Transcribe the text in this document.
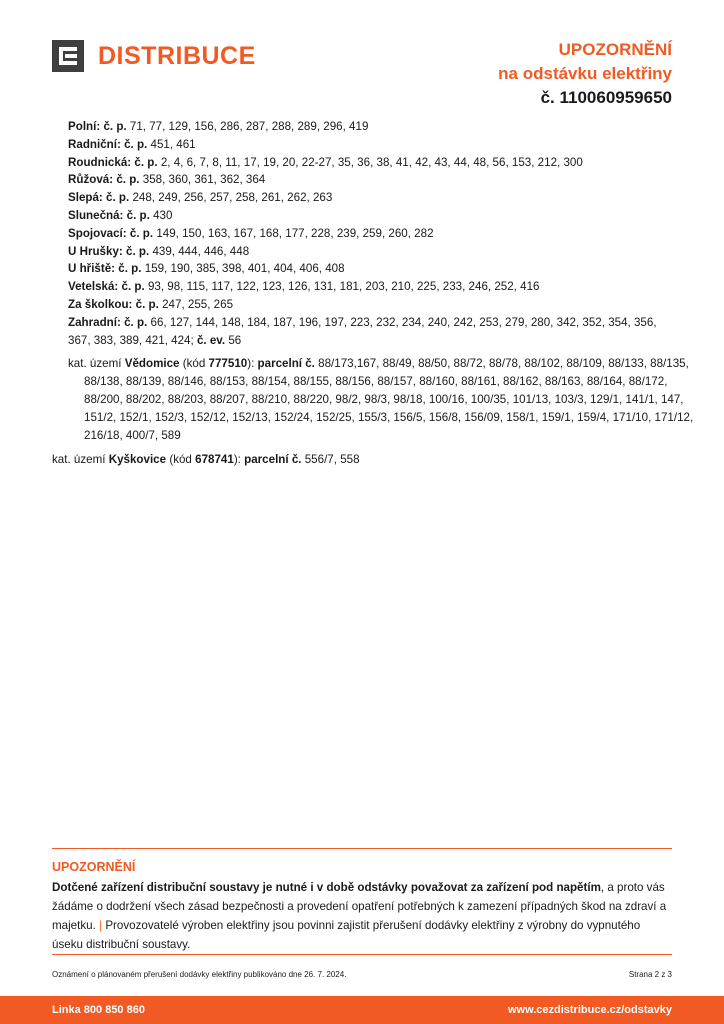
DISTRIBUCE	UPOZORNĚNÍ
na odstávku elektřiny
č. 110060959650
Polní: č. p. 71, 77, 129, 156, 286, 287, 288, 289, 296, 419
Radniční: č. p. 451, 461
Roudnická: č. p. 2, 4, 6, 7, 8, 11, 17, 19, 20, 22-27, 35, 36, 38, 41, 42, 43, 44, 48, 56, 153, 212, 300
Růžová: č. p. 358, 360, 361, 362, 364
Slepá: č. p. 248, 249, 256, 257, 258, 261, 262, 263
Slunečná: č. p. 430
Spojovací: č. p. 149, 150, 163, 167, 168, 177, 228, 239, 259, 260, 282
U Hrušky: č. p. 439, 444, 446, 448
U hřiště: č. p. 159, 190, 385, 398, 401, 404, 406, 408
Vetelská: č. p. 93, 98, 115, 117, 122, 123, 126, 131, 181, 203, 210, 225, 233, 246, 252, 416
Za školkou: č. p. 247, 255, 265
Zahradní: č. p. 66, 127, 144, 148, 184, 187, 196, 197, 223, 232, 234, 240, 242, 253, 279, 280, 342, 352, 354, 356, 367, 383, 389, 421, 424; č. ev. 56
kat. území Vědomice (kód 777510): parcelní č. 88/173,167, 88/49, 88/50, 88/72, 88/78, 88/102, 88/109, 88/133, 88/135, 88/138, 88/139, 88/146, 88/153, 88/154, 88/155, 88/156, 88/157, 88/160, 88/161, 88/162, 88/163, 88/164, 88/172, 88/200, 88/202, 88/203, 88/207, 88/210, 88/220, 98/2, 98/3, 98/18, 100/16, 100/35, 101/13, 103/3, 129/1, 141/1, 147, 151/2, 152/1, 152/3, 152/12, 152/13, 152/24, 152/25, 155/3, 156/5, 156/8, 156/09, 158/1, 159/1, 159/4, 171/10, 171/12, 216/18, 400/7, 589
kat. území Kyškovice (kód 678741): parcelní č. 556/7, 558
UPOZORNĚNÍ
Dotčené zařízení distribuční soustavy je nutné i v době odstávky považovat za zařízení pod napětím, a proto vás žádáme o dodržení všech zásad bezpečnosti a provedení opatření potřebných k zamezení případných škod na zdraví a majetku. | Provozovatelé výroben elektřiny jsou povinni zajistit přerušení dodávky elektřiny z výrobny do vypnutého úseku distribuční soustavy.
Oznámení o plánovaném přerušení dodávky elektřiny publikováno dne 26. 7. 2024.	Strana 2 z 3
Linka 800 850 860	www.cezdistribuce.cz/odstavky
